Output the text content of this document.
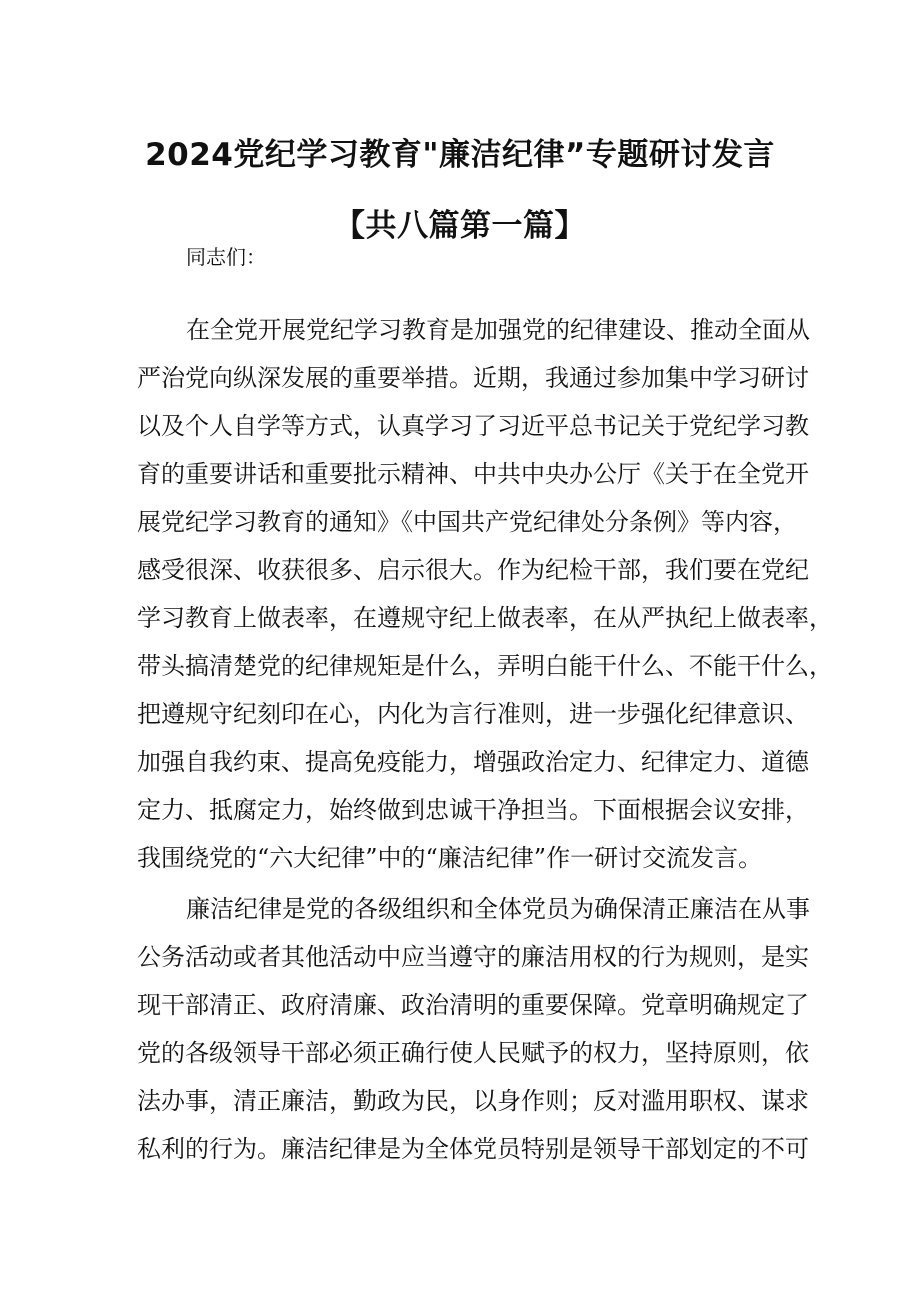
2024党纪学习教育"廉洁纪律”专题研讨发言
【共八篇第一篇】
同志们：
在全党开展党纪学习教育是加强党的纪律建设、推动全面从
严治党向纵深发展的重要举措。近期，我通过参加集中学习研讨
以及个人自学等方式，认真学习了习近平总书记关于党纪学习教
育的重要讲话和重要批示精神、中共中央办公厅《关于在全党开
展党纪学习教育的通知》《中国共产党纪律处分条例》等内容，
感受很深、收获很多、启示很大。作为纪检干部，我们要在党纪
学习教育上做表率，在遵规守纪上做表率，在从严执纪上做表率，
带头搞清楚党的纪律规矩是什么，弄明白能干什么、不能干什么，
把遵规守纪刻印在心，内化为言行准则，进一步强化纪律意识、
加强自我约束、提高免疫能力，增强政治定力、纪律定力、道德
定力、抵腐定力，始终做到忠诚干净担当。下面根据会议安排，
我围绕党的“六大纪律”中的“廉洁纪律”作一研讨交流发言。
廉洁纪律是党的各级组织和全体党员为确保清正廉洁在从事
公务活动或者其他活动中应当遵守的廉洁用权的行为规则，是实
现干部清正、政府清廉、政治清明的重要保障。党章明确规定了
党的各级领导干部必须正确行使人民赋予的权力，坚持原则，依
法办事，清正廉洁，勤政为民，以身作则；反对滥用职权、谋求
私利的行为。廉洁纪律是为全体党员特别是领导干部划定的不可
